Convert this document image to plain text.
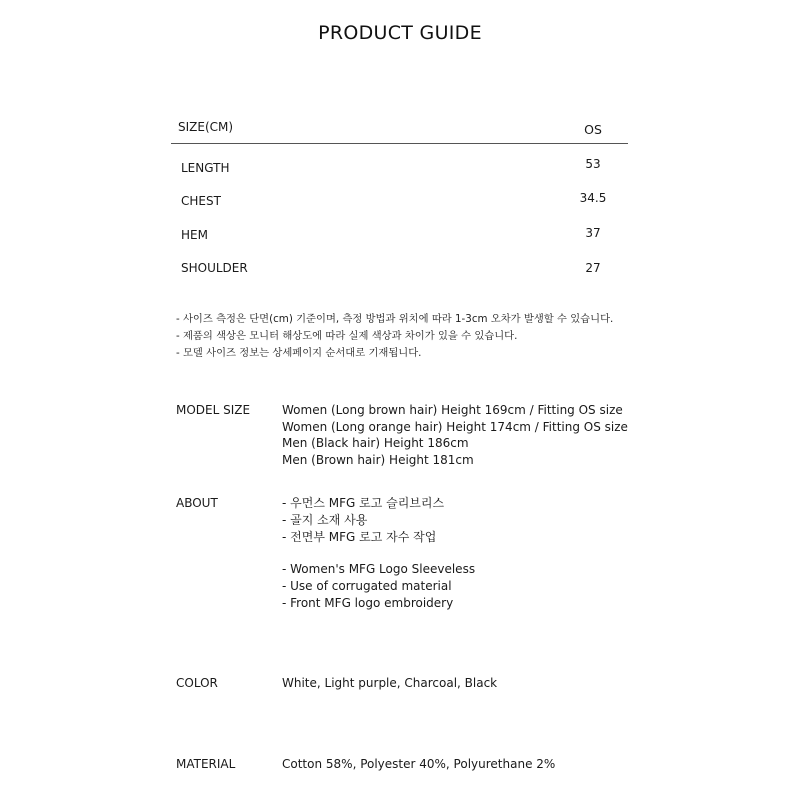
PRODUCT GUIDE
SIZE(CM)	OS
LENGTH	53
CHEST	34.5
HEM	37
SHOULDER	27
- 사이즈 측정은 단면(cm) 기준이며, 측정 방법과 위치에 따라 1-3cm 오차가 발생할 수 있습니다.
- 제품의 색상은 모니터 해상도에 따라 실제 색상과 차이가 있을 수 있습니다.
- 모델 사이즈 정보는 상세페이지 순서대로 기재됩니다.
MODEL SIZE	Women (Long brown hair) Height 169cm / Fitting OS size
Women (Long orange hair) Height 174cm / Fitting OS size
Men (Black hair) Height 186cm
Men (Brown hair) Height 181cm
ABOUT	- 우먼스 MFG 로고 슬리브리스
- 골지 소재 사용
- 전면부 MFG 로고 자수 작업
- Women's MFG Logo Sleeveless
- Use of corrugated material
- Front MFG logo embroidery
COLOR	White, Light purple, Charcoal, Black
MATERIAL	Cotton 58%, Polyester 40%, Polyurethane 2%
